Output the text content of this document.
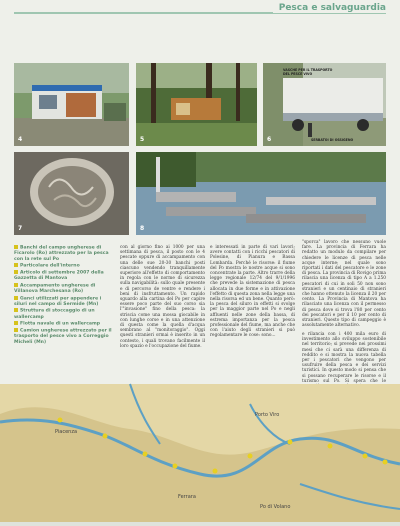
Pesca e salvaguardia
4	5
VASCHE PER IL TRASPORTO DEL PESCE VIVO
SERBATOI DI OSSIGENO
6
7	8

Banchi del campo ungherese di Ficarolo (Ro) attrezzato per la pesca con la rete sul Po

Particolare dell'interno

Articolo di settembre 2007 della Gazzetta di Mantova

Accampamento ungherese di Villanova Marchesana (Ro)

Ganci utilizzati per appendere i siluri nel campo di Sermide (Mn)

Struttura di stoccaggio di un wallercamp

Flotta navale di un wallercamp

Camion ungherese attrezzato per il trasporto del pesce vivo a Correggio Micheli (Mn)

con al giorno fino ai 1000 per una settimana di pesca, il posto con le 4 pescate oppure di accampamento con una delle sue 20-30 banchi posti ciascuno vendendo tranquillamente superiore all'effetto di comportamento in regola con le norme di sicurezza sulla navigabilità: sullo quale presente e di percorso de ventre e rendere i beni di insfruttamento. Un rapido sguardo alla cartina del Po per capire essere poco parte del suo corso sia l'"invasione" fino della pesca: la striscia come una mossa giocabile in con lunghe corse e in una attenzione di questa come la quella d'acqua sembrano al "monitoraggio". Oggi questi stranieri ormai è inserito in un contesto, i quali trovano facilmente il loro spazio e l'occupazione del fiume.

e interessati in parte di vari lavori; avere contatti con i ricchi pescatori di Polesine, di Pianura e Bassa Lombarda. Perché le risorse: il fiume del Po mostra le nostre acque si sono concentrate la parte. Altro trarre della legge regionale 12/74 del 9/1/1996 che prevede la sistemazione di pesca allocata in due forme e in attivazione l'effetto di questa zona nella legge una nella risorsa ed un bene. Quanto però: la pesca del siluro in effetti si svolge per la maggior parte nel Po e negli affluenti nelle zone della bassa, di estrema importanza per la pesca professionale del fiume, ma anche che con l'aiuto degli stranieri si può regolamentare le cose: sono...

"sporca" lavoro che nessuno vuole fare. La provincia di Ferrara ha redatto un modulo da compilare per chiedere le licenze di pesca nelle acque interne; nel quale sono riportati i dati del pescatore e le zone di pesca. La provincia di Rovigo prima rilascia una licenza di tipo A a 1.250 pescatori di cui in soli 50 non sono stranieri e un centinaio di stranieri che hanno ottenuto la licenza il 20 per cento. La Provincia di Mantova ha rilasciato una licenza con il permesso di pesca dove si trova l'80 per cento dei pescatori e per il 10 per cento di stranieri. Questo tipo di campeggio è assolutamente alternativo.

e rilancia con i 400 mila euro di investimento allo sviluppo sostenibile nel territorio; si prevede nei prossimi mesi che ci sarà una differenza di reddito e si mostra la nuova tabella per i pescatori che vengono per usufruire della pesca e dei servizi turistici. In questo modo si pensa che si possano recuperare le risorse e il turismo sul Po. Si spera che le

Piacenza
Porto Viro
Ferrara
Po di Volano
